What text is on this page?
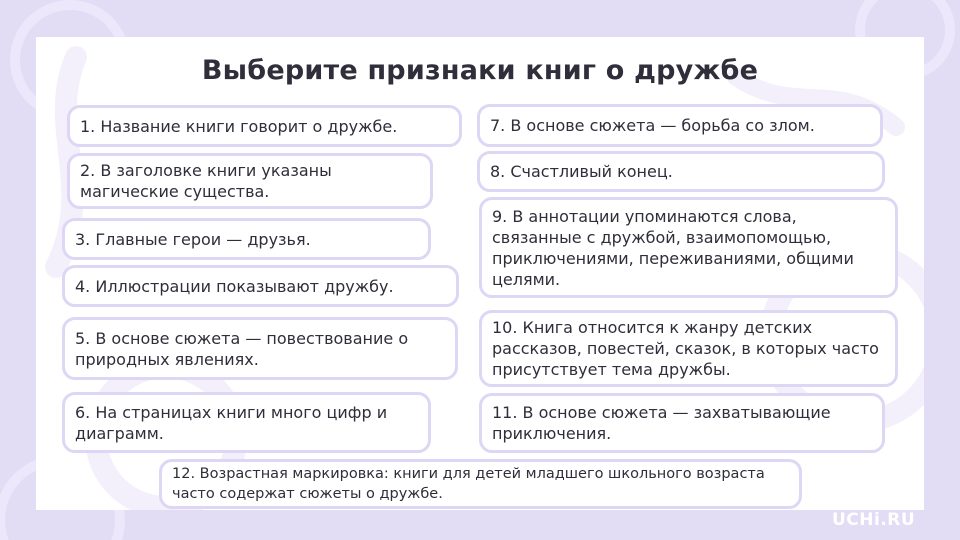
Выберите признаки книг о дружбе
1. Название книги говорит о дружбе.
2. В заголовке книги указаны магические существа.
3. Главные герои — друзья.
4. Иллюстрации показывают дружбу.
5. В основе сюжета — повествование о природных явлениях.
6. На страницах книги много цифр и диаграмм.
7. В основе сюжета — борьба со злом.
8. Счастливый конец.
9. В аннотации упоминаются слова, связанные с дружбой, взаимопомощью, приключениями, переживаниями, общими целями.
10. Книга относится к жанру детских рассказов, повестей, сказок, в которых часто присутствует тема дружбы.
11. В основе сюжета — захватывающие приключения.
12. Возрастная маркировка: книги для детей младшего школьного возраста часто содержат сюжеты о дружбе.
UCHi.RU
